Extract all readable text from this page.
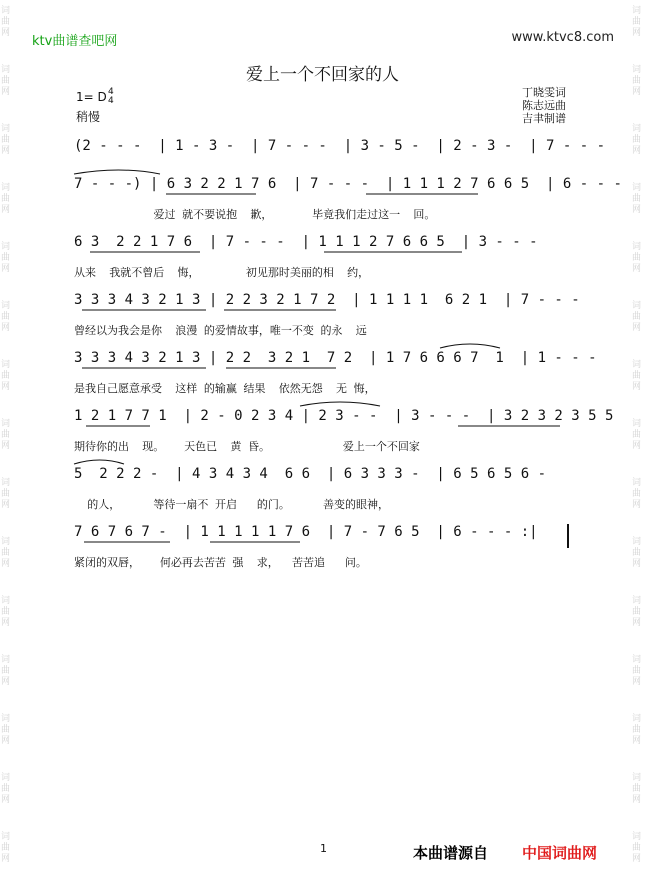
词
曲
网
词
曲
网
词
曲
网
词
曲
网
词
曲
网
词
曲
网
词
曲
网
词
曲
网
词
曲
网
词
曲
网
词
曲
网
词
曲
网
词
曲
网
词
曲
网
词
曲
网
词
曲
网
词
曲
网
词
曲
网
词
曲
网
词
曲
网
词
曲
网
词
曲
网
词
曲
网
词
曲
网
词
曲
网
词
曲
网
词
曲
网
词
曲
网
词
曲
网
词
曲
网
ktv曲谱查吧网	www.ktvc8.com
爱上一个不回家的人
1= D 4
4
稍慢
丁晓雯词
陈志远曲
吉聿制谱

(2 - - -  | 1 - 3 -  | 7 - - -  | 3 - 5 -  | 2 - 3 -  | 7 - - -

7 - - -) | 6 3 2 2 1 7 6  | 7 - - -  | 1 1 1 2 7 6 6 5  | 6 - - -

爱过 就不要说抱  歉，      毕竟我们走过这一  回。

6 3  2 2 1 7 6  | 7 - - -  | 1 1 1 2 7 6 6 5  | 3 - - -

从来  我就不曾后  悔，       初见那时美丽的相  约，

3 3 3 4 3 2 1 3 | 2 2 3 2 1 7 2  | 1 1 1 1  6 2 1  | 7 - - -

曾经以为我会是你  浪漫 的爱情故事，唯一不变 的永  远

3 3 3 4 3 2 1 3 | 2 2  3 2 1  7 2  | 1 7 6 6 6 7  1  | 1 - - -

是我自己愿意承受  这样 的输赢 结果  依然无怨  无 悔，

1 2 1 7 7 1  | 2 - 0 2 3 4 | 2 3 - -  | 3 - - -  | 3 2 3 2 3 5 5

期待你的出  现。   天色已  黄 昏。           爱上一个不回家

5  2 2 2 -  | 4 3 4 3 4  6 6  | 6 3 3 3 -  | 6 5 6 5 6 -

的人，     等待一扇不 开启   的门。     善变的眼神，

7 6 7 6 7 -  | 1 1 1 1 1 7 6  | 7 - 7 6 5  | 6 - - - :|

紧闭的双唇，   何必再去苦苦 强  求，  苦苦追   问。

1	本曲谱源自 中国词曲网
